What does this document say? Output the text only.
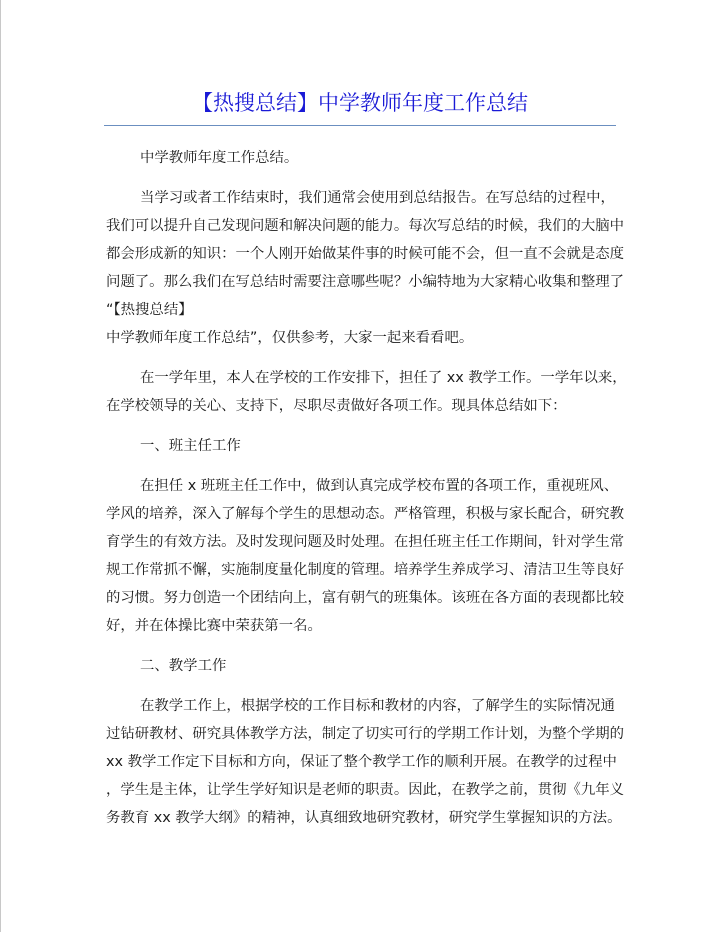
【热搜总结】中学教师年度工作总结
中学教师年度工作总结。
当学习或者工作结束时，我们通常会使用到总结报告。在写总结的过程中，
我们可以提升自己发现问题和解决问题的能力。每次写总结的时候，我们的大脑中
都会形成新的知识：一个人刚开始做某件事的时候可能不会，但一直不会就是态度
问题了。那么我们在写总结时需要注意哪些呢？小编特地为大家精心收集和整理了
“【热搜总结】
中学教师年度工作总结”，仅供参考，大家一起来看看吧。
在一学年里，本人在学校的工作安排下，担任了 xx 教学工作。一学年以来，
在学校领导的关心、支持下，尽职尽责做好各项工作。现具体总结如下：
一、班主任工作
在担任 x 班班主任工作中，做到认真完成学校布置的各项工作，重视班风、
学风的培养，深入了解每个学生的思想动态。严格管理，积极与家长配合，研究教
育学生的有效方法。及时发现问题及时处理。在担任班主任工作期间，针对学生常
规工作常抓不懈，实施制度量化制度的管理。培养学生养成学习、清洁卫生等良好
的习惯。努力创造一个团结向上，富有朝气的班集体。该班在各方面的表现都比较
好，并在体操比赛中荣获第一名。
二、教学工作
在教学工作上，根据学校的工作目标和教材的内容，了解学生的实际情况通
过钻研教材、研究具体教学方法，制定了切实可行的学期工作计划，为整个学期的
xx 教学工作定下目标和方向，保证了整个教学工作的顺利开展。在教学的过程中
，学生是主体，让学生学好知识是老师的职责。因此，在教学之前，贯彻《九年义
务教育 xx 教学大纲》的精神，认真细致地研究教材，研究学生掌握知识的方法。
